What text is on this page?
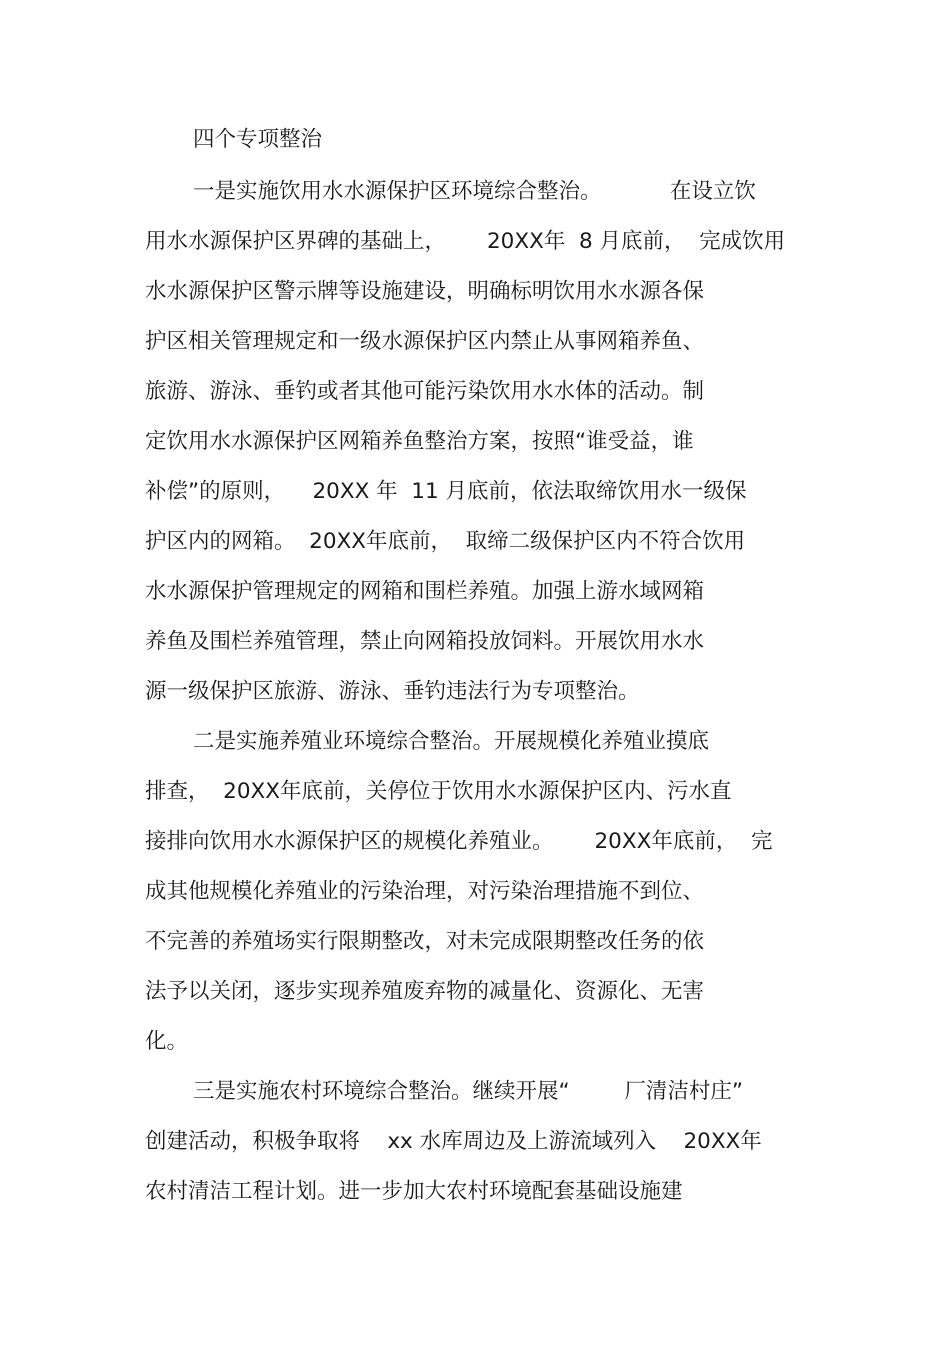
四个专项整治
一是实施饮用水水源保护区环境综合整治。          在设立饮
用水水源保护区界碑的基础上，      20XX年  8 月底前，  完成饮用
水水源保护区警示牌等设施建设，明确标明饮用水水源各保
护区相关管理规定和一级水源保护区内禁止从事网箱养鱼、
旅游、游泳、垂钓或者其他可能污染饮用水水体的活动。制
定饮用水水源保护区网箱养鱼整治方案，按照“谁受益，谁
补偿”的原则，    20XX 年  11 月底前，依法取缔饮用水一级保
护区内的网箱。  20XX年底前，  取缔二级保护区内不符合饮用
水水源保护管理规定的网箱和围栏养殖。加强上游水域网箱
养鱼及围栏养殖管理，禁止向网箱投放饲料。开展饮用水水
源一级保护区旅游、游泳、垂钓违法行为专项整治。
二是实施养殖业环境综合整治。开展规模化养殖业摸底
排查，  20XX年底前，关停位于饮用水水源保护区内、污水直
接排向饮用水水源保护区的规模化养殖业。      20XX年底前，  完
成其他规模化养殖业的污染治理，对污染治理措施不到位、
不完善的养殖场实行限期整改，对未完成限期整改任务的依
法予以关闭，逐步实现养殖废弃物的减量化、资源化、无害
化。
三是实施农村环境综合整治。继续开展“        厂清洁村庄”
创建活动，积极争取将    xx 水库周边及上游流域列入    20XX年
农村清洁工程计划。进一步加大农村环境配套基础设施建
